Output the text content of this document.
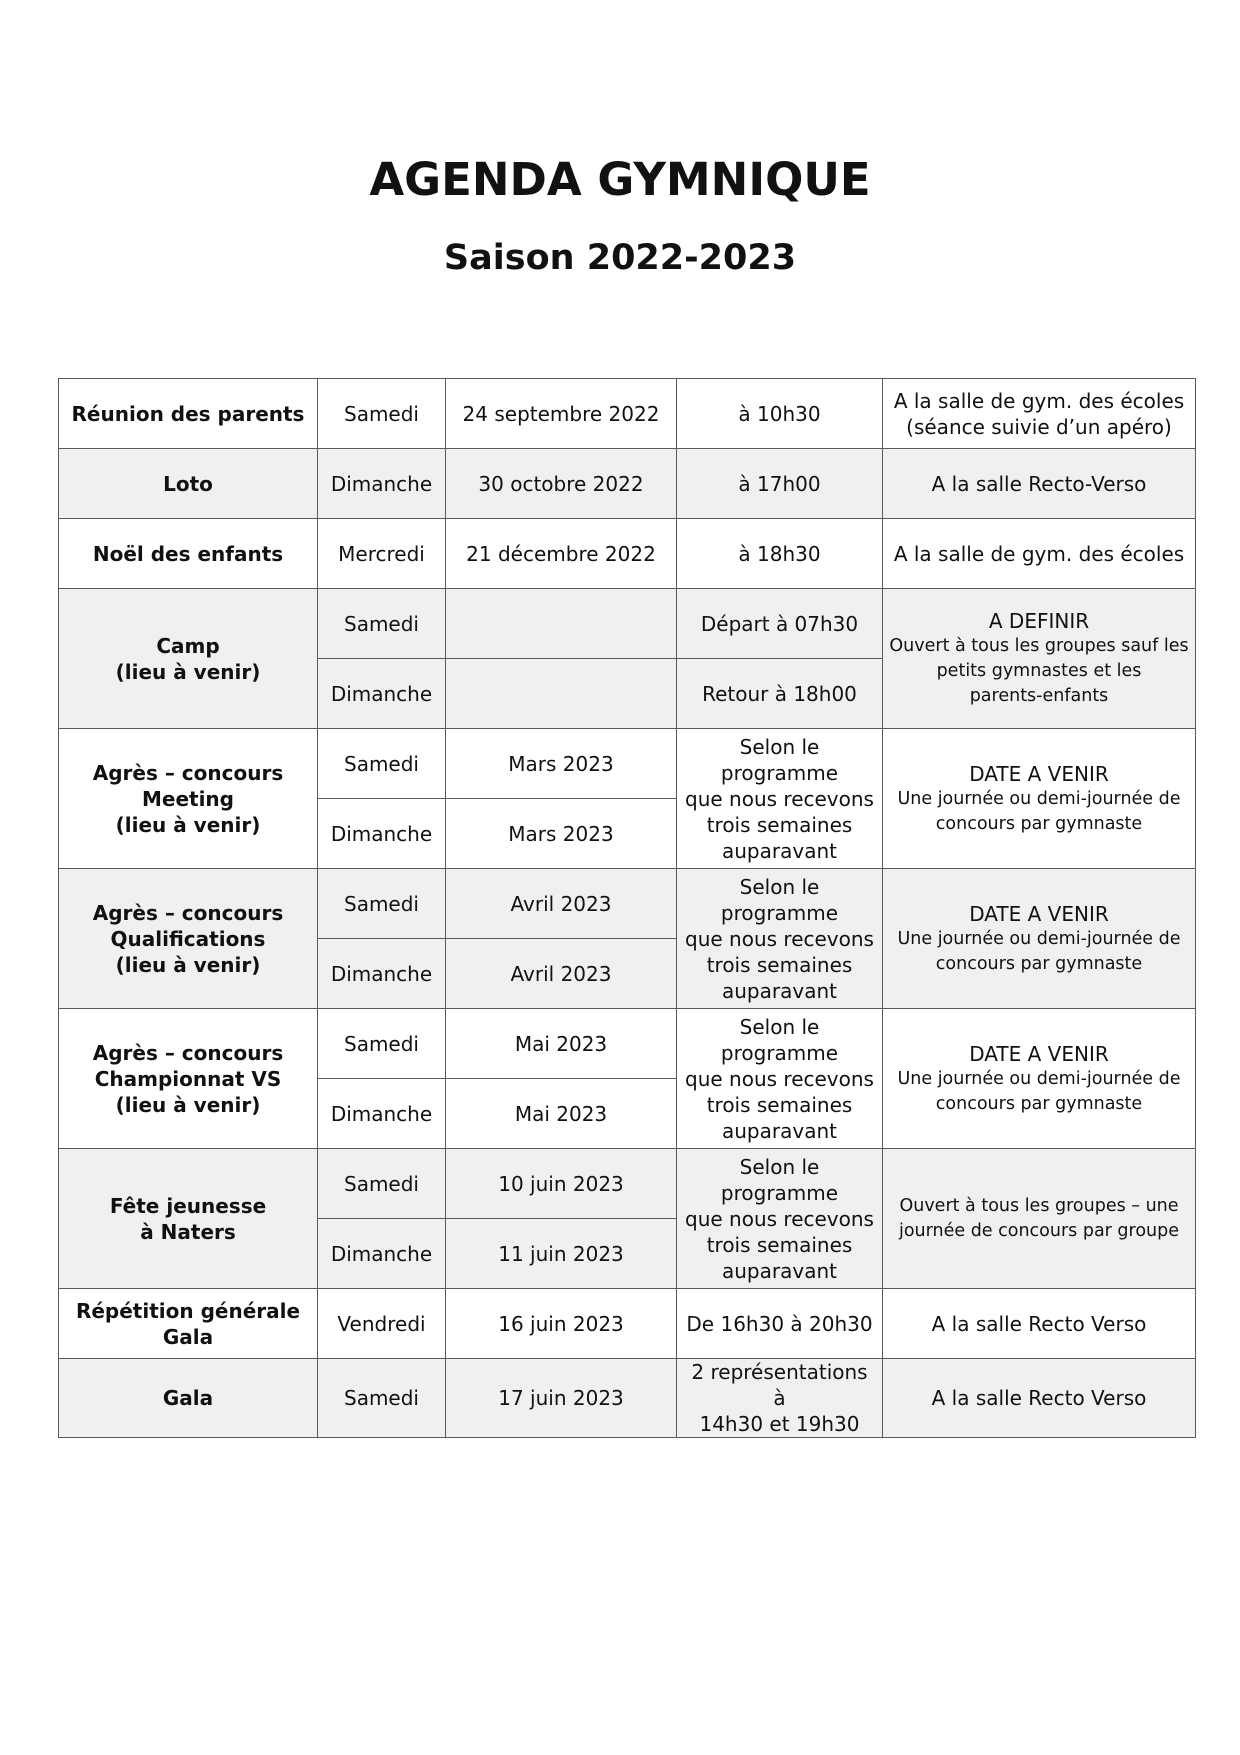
AGENDA GYMNIQUE
Saison 2022-2023
Réunion des parents	Samedi	24 septembre 2022	à 10h30	A la salle de gym. des écoles
(séance suivie d’un apéro)

Loto	Dimanche	30 octobre 2022	à 17h00	A la salle Recto-Verso

Noël des enfants	Mercredi	21 décembre 2022	à 18h30	A la salle de gym. des écoles

Camp
(lieu à venir)	Samedi		Départ à 07h30	A DEFINIR
Ouvert à tous les groupes sauf les
petits gymnastes et les
parents-enfants

	Dimanche		Retour à 18h00	

Agrès – concours
Meeting
(lieu à venir)	Samedi	Mars 2023	Selon le programme
que nous recevons
trois semaines
auparavant	DATE A VENIR
Une journée ou demi-journée de
concours par gymnaste

	Dimanche	Mars 2023		

Agrès – concours
Qualifications
(lieu à venir)	Samedi	Avril 2023	Selon le programme
que nous recevons
trois semaines
auparavant	DATE A VENIR
Une journée ou demi-journée de
concours par gymnaste

	Dimanche	Avril 2023		

Agrès – concours
Championnat VS
(lieu à venir)	Samedi	Mai 2023	Selon le programme
que nous recevons
trois semaines
auparavant	DATE A VENIR
Une journée ou demi-journée de
concours par gymnaste

	Dimanche	Mai 2023		

Fête jeunesse
à Naters	Samedi	10 juin 2023	Selon le programme
que nous recevons
trois semaines
auparavant	Ouvert à tous les groupes – une
journée de concours par groupe

	Dimanche	11 juin 2023		

Répétition générale Gala	Vendredi	16 juin 2023	De 16h30 à 20h30	A la salle Recto Verso

Gala	Samedi	17 juin 2023	2 représentations à
14h30 et 19h30	A la salle Recto Verso
